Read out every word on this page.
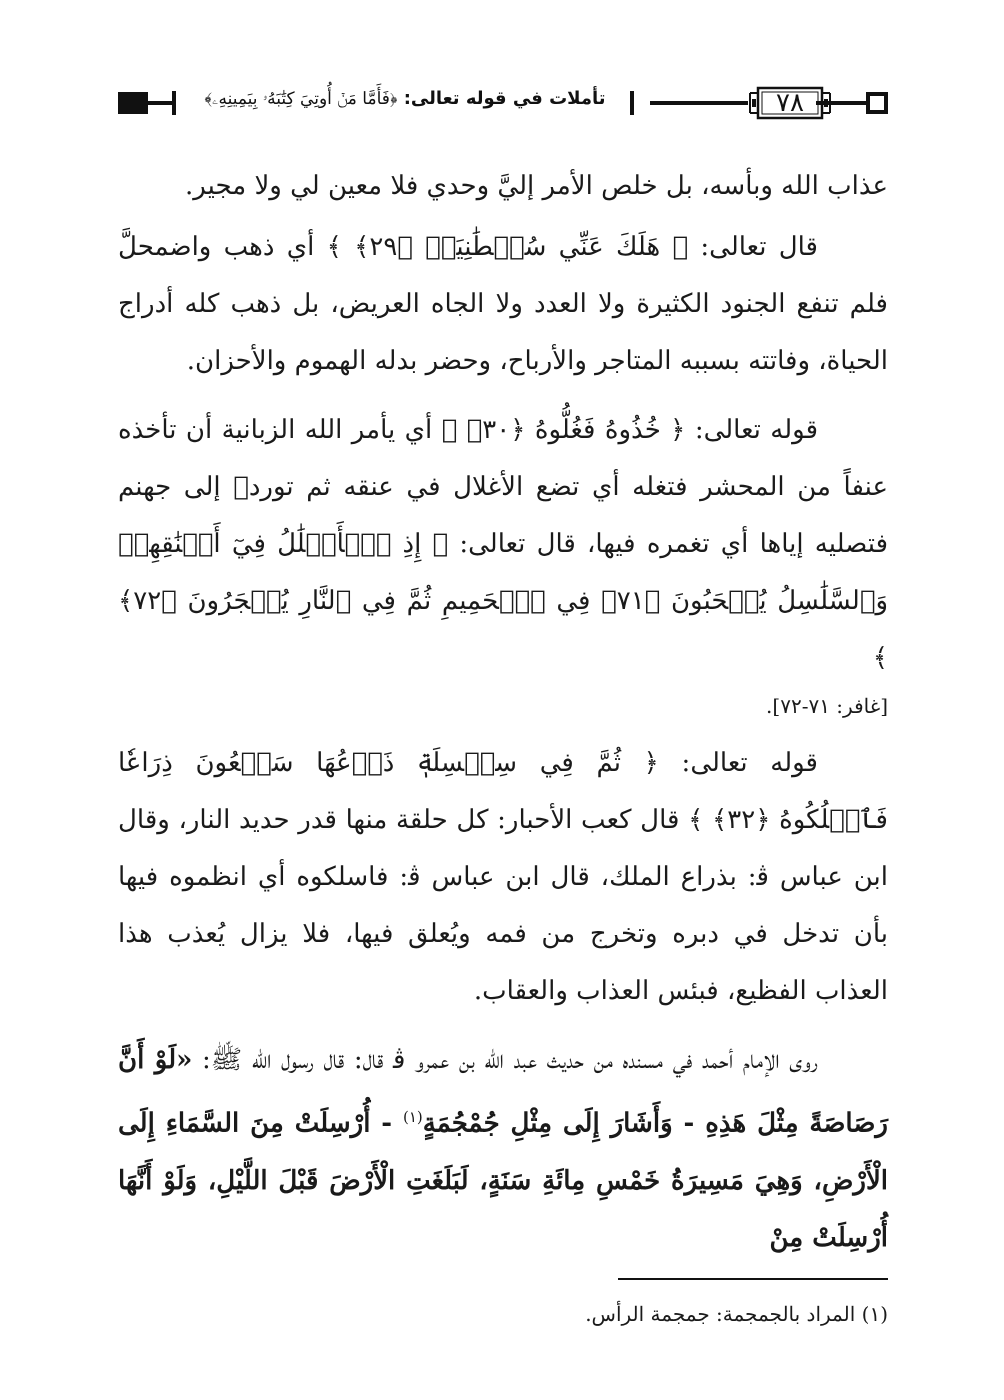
٧٨
تأملات في قوله تعالى: ﴿فَأَمَّا مَنۡ أُوتِيَ كِتَٰبَهُۥ بِيَمِينِهِۦ﴾

عذاب الله وبأسه، بل خلص الأمر إليَّ وحدي فلا معين لي ولا مجير.

قال تعالى: ﴿ هَلَكَ عَنِّي سُلۡطَٰنِيَهۡ ﴿٢٩﴾ ﴾ أي ذهب واضمحلَّ فلم تنفع الجنود الكثيرة ولا العدد ولا الجاه العريض، بل ذهب كله أدراج الحياة، وفاتته بسببه المتاجر والأرباح، وحضر بدله الهموم والأحزان.

قوله تعالى: ﴿ خُذُوهُ فَغُلُّوهُ ﴿٣٠﴾ ﴾ أي يأمر الله الزبانية أن تأخذه عنفاً من المحشر فتغله أي تضع الأغلال في عنقه ثم توردہ إلى جهنم فتصليه إياها أي تغمره فيها، قال تعالى: ﴿ إِذِ ٱلۡأَغۡلَٰلُ فِيٓ أَعۡنَٰقِهِمۡ وَٱلسَّلَٰسِلُ يُسۡحَبُونَ ﴿٧١﴾ فِي ٱلۡحَمِيمِ ثُمَّ فِي ٱلنَّارِ يُسۡجَرُونَ ﴿٧٢﴾ ﴾

[غافر: ٧١-٧٢].

قوله تعالى: ﴿ ثُمَّ فِي سِلۡسِلَةٖ ذَرۡعُهَا سَبۡعُونَ ذِرَاعٗا فَٱسۡلُكُوهُ ﴿٣٢﴾ ﴾ قال كعب الأحبار: كل حلقة منها قدر حديد النار، وقال ابن عباس ﭬ: بذراع الملك، قال ابن عباس ﭬ: فاسلكوه أي انظموه فيها بأن تدخل في دبره وتخرج من فمه ويُعلق فيها، فلا يزال يُعذب هذا العذاب الفظيع، فبئس العذاب والعقاب.

روى الإمام أحمد في مسنده من حديث عبد الله بن عمرو ﭬ قال: قال رسول الله ﷺ: «لَوْ أَنَّ رَصَاصَةً مِثْلَ هَذِهِ - وَأَشَارَ إِلَى مِثْلِ جُمْجُمَةٍ$^{(١)}$ - أُرْسِلَتْ مِنَ السَّمَاءِ إِلَى الْأَرْضِ، وَهِيَ مَسِيرَةُ خَمْسِ مِائَةِ سَنَةٍ، لَبَلَغَتِ الْأَرْضَ قَبْلَ اللَّيْلِ، وَلَوْ أَنَّهَا أُرْسِلَتْ مِنْ

(١) المراد بالجمجمة: جمجمة الرأس.
